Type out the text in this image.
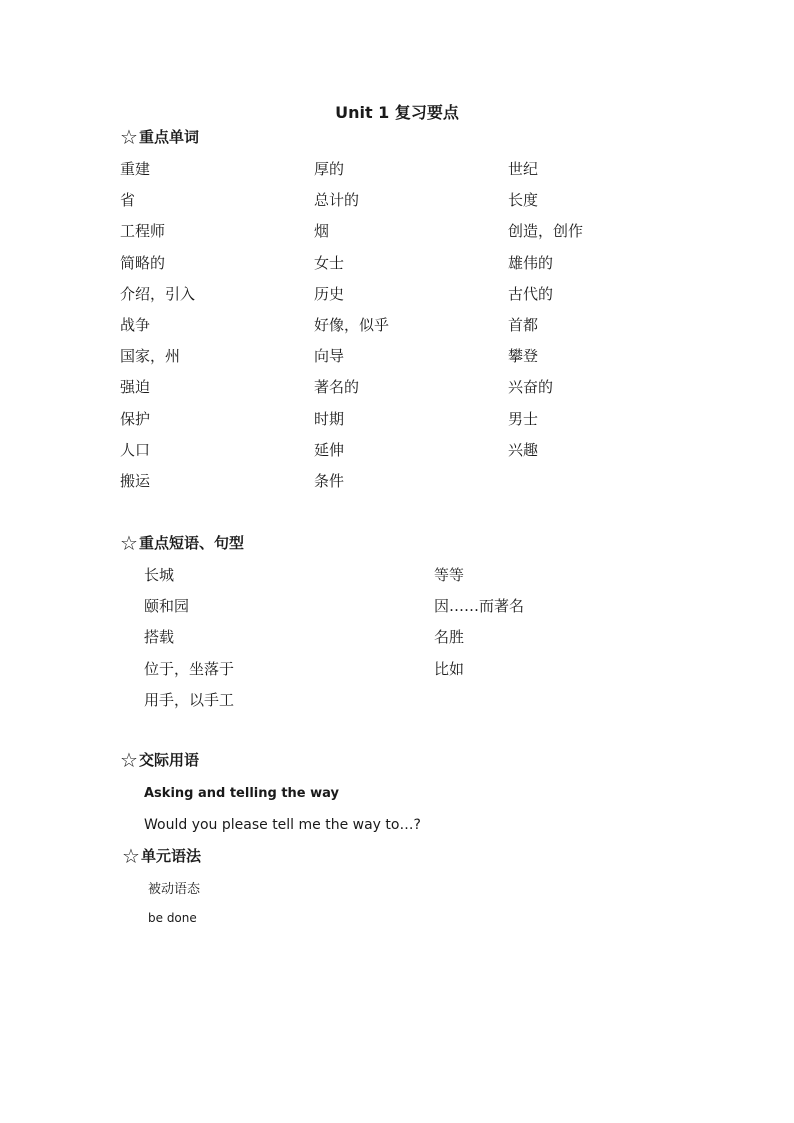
Unit 1 复习要点
☆ 重点单词
重建	厚的	世纪
省	总计的	长度
工程师	烟	创造，创作
简略的	女士	雄伟的
介绍，引入	历史	古代的
战争	好像，似乎	首都
国家，州	向导	攀登
强迫	著名的	兴奋的
保护	时期	男士
人口	延伸	兴趣
搬运	条件
☆ 重点短语、句型
长城	等等
颐和园	因……而著名
搭载	名胜
位于，坐落于	比如
用手，以手工
☆ 交际用语
Asking and telling the way
Would you please tell me the way to…?
☆ 单元语法
被动语态
be done
